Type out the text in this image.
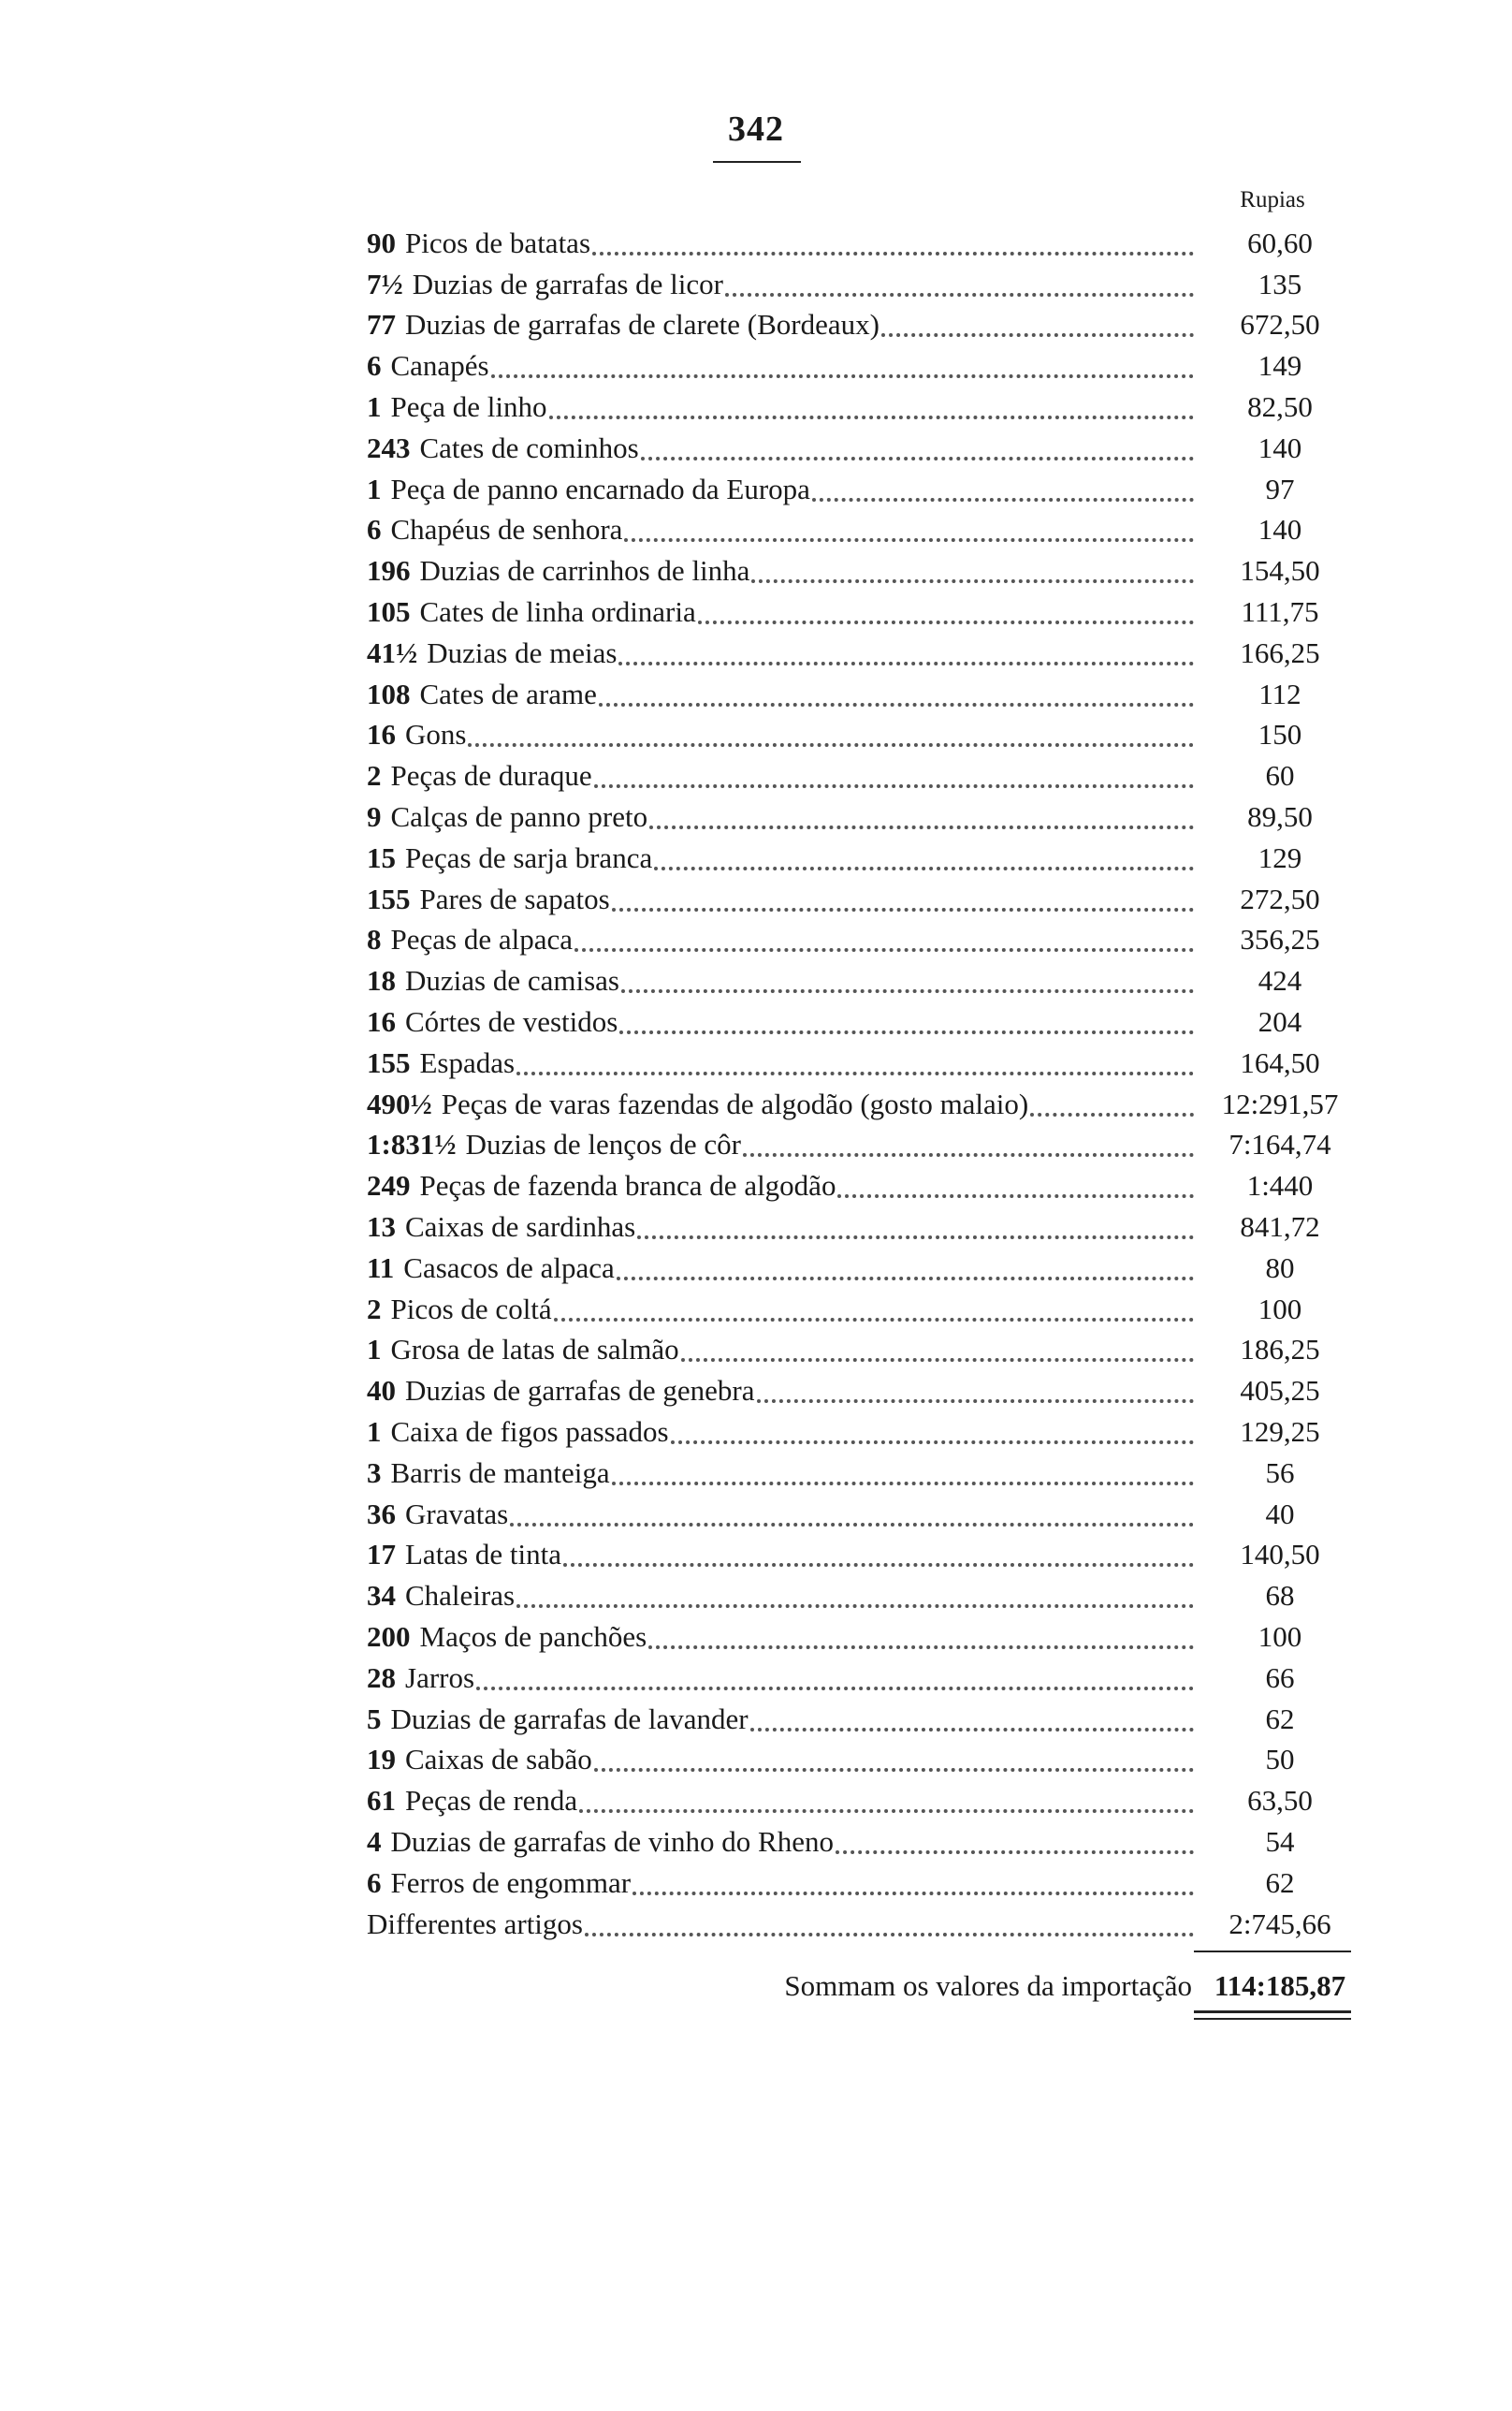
342
Rupias
90 Picos de batatas	60,60
7½ Duzias de garrafas de licor	135
77 Duzias de garrafas de clarete (Bordeaux)	672,50
6 Canapés	149
1 Peça de linho	82,50
243 Cates de cominhos	140
1 Peça de panno encarnado da Europa	97
6 Chapéus de senhora	140
196 Duzias de carrinhos de linha	154,50
105 Cates de linha ordinaria	111,75
41½ Duzias de meias	166,25
108 Cates de arame	112
16 Gons	150
2 Peças de duraque	60
9 Calças de panno preto	89,50
15 Peças de sarja branca	129
155 Pares de sapatos	272,50
8 Peças de alpaca	356,25
18 Duzias de camisas	424
16 Córtes de vestidos	204
155 Espadas	164,50
490½ Peças de varas fazendas de algodão (gosto malaio)	12:291,57
1:831½ Duzias de lenços de côr	7:164,74
249 Peças de fazenda branca de algodão	1:440
13 Caixas de sardinhas	841,72
11 Casacos de alpaca	80
2 Picos de coltá	100
1 Grosa de latas de salmão	186,25
40 Duzias de garrafas de genebra	405,25
1 Caixa de figos passados	129,25
3 Barris de manteiga	56
36 Gravatas	40
17 Latas de tinta	140,50
34 Chaleiras	68
200 Maços de panchões	100
28 Jarros	66
5 Duzias de garrafas de lavander	62
19 Caixas de sabão	50
61 Peças de renda	63,50
4 Duzias de garrafas de vinho do Rheno	54
6 Ferros de engommar	62
Differentes artigos	2:745,66
Sommam os valores da importação 114:185,87
